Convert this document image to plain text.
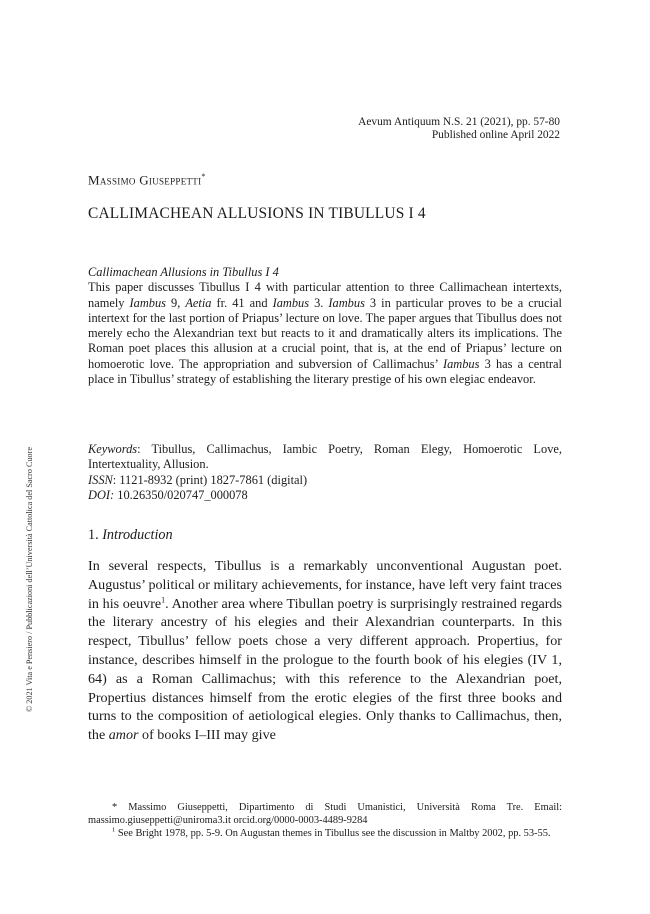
© 2021 Vita e Pensiero / Pubblicazioni dell’Università Cattolica del Sacro Cuore
Aevum Antiquum N.S. 21 (2021), pp. 57-80
Published online April 2022
Massimo Giuseppetti*
CALLIMACHEAN ALLUSIONS IN TIBULLUS I 4

Callimachean Allusions in Tibullus I 4

This paper discusses Tibullus I 4 with particular attention to three Callimachean intertexts, namely Iambus 9, Aetia fr. 41 and Iambus 3. Iambus 3 in particular proves to be a crucial intertext for the last portion of Priapus’ lecture on love. The paper argues that Tibullus does not merely echo the Alexandrian text but reacts to it and dramatically alters its implications. The Roman poet places this allusion at a crucial point, that is, at the end of Priapus’ lecture on homoerotic love. The appropriation and subversion of Callimachus’ Iambus 3 has a central place in Tibullus’ strategy of establishing the literary prestige of his own elegiac endeavor.

Keywords: Tibullus, Callimachus, Iambic Poetry, Roman Elegy, Homoerotic Love, Intertextuality, Allusion.

ISSN: 1121-8932 (print) 1827-7861 (digital)

DOI: 10.26350/020747_000078

1. Introduction

In several respects, Tibullus is a remarkably unconventional Augustan poet. Augustus’ political or military achievements, for instance, have left very faint traces in his oeuvre$^1$. Another area where Tibullan poetry is surprisingly restrained regards the literary ancestry of his elegies and their Alexandrian counterparts. In this respect, Tibullus’ fellow poets chose a very different approach. Propertius, for instance, describes himself in the prologue to the fourth book of his elegies (IV 1, 64) as a Roman Callimachus; with this reference to the Alexandrian poet, Propertius distances himself from the erotic elegies of the first three books and turns to the composition of aetiological elegies. Only thanks to Callimachus, then, the amor of books I–III may give

* Massimo Giuseppetti, Dipartimento di Studi Umanistici, Università Roma Tre. Email: massimo.giuseppetti@uniroma3.it orcid.org/0000-0003-4489-9284

$^1$ See Bright 1978, pp. 5-9. On Augustan themes in Tibullus see the discussion in Maltby 2002, pp. 53-55.
